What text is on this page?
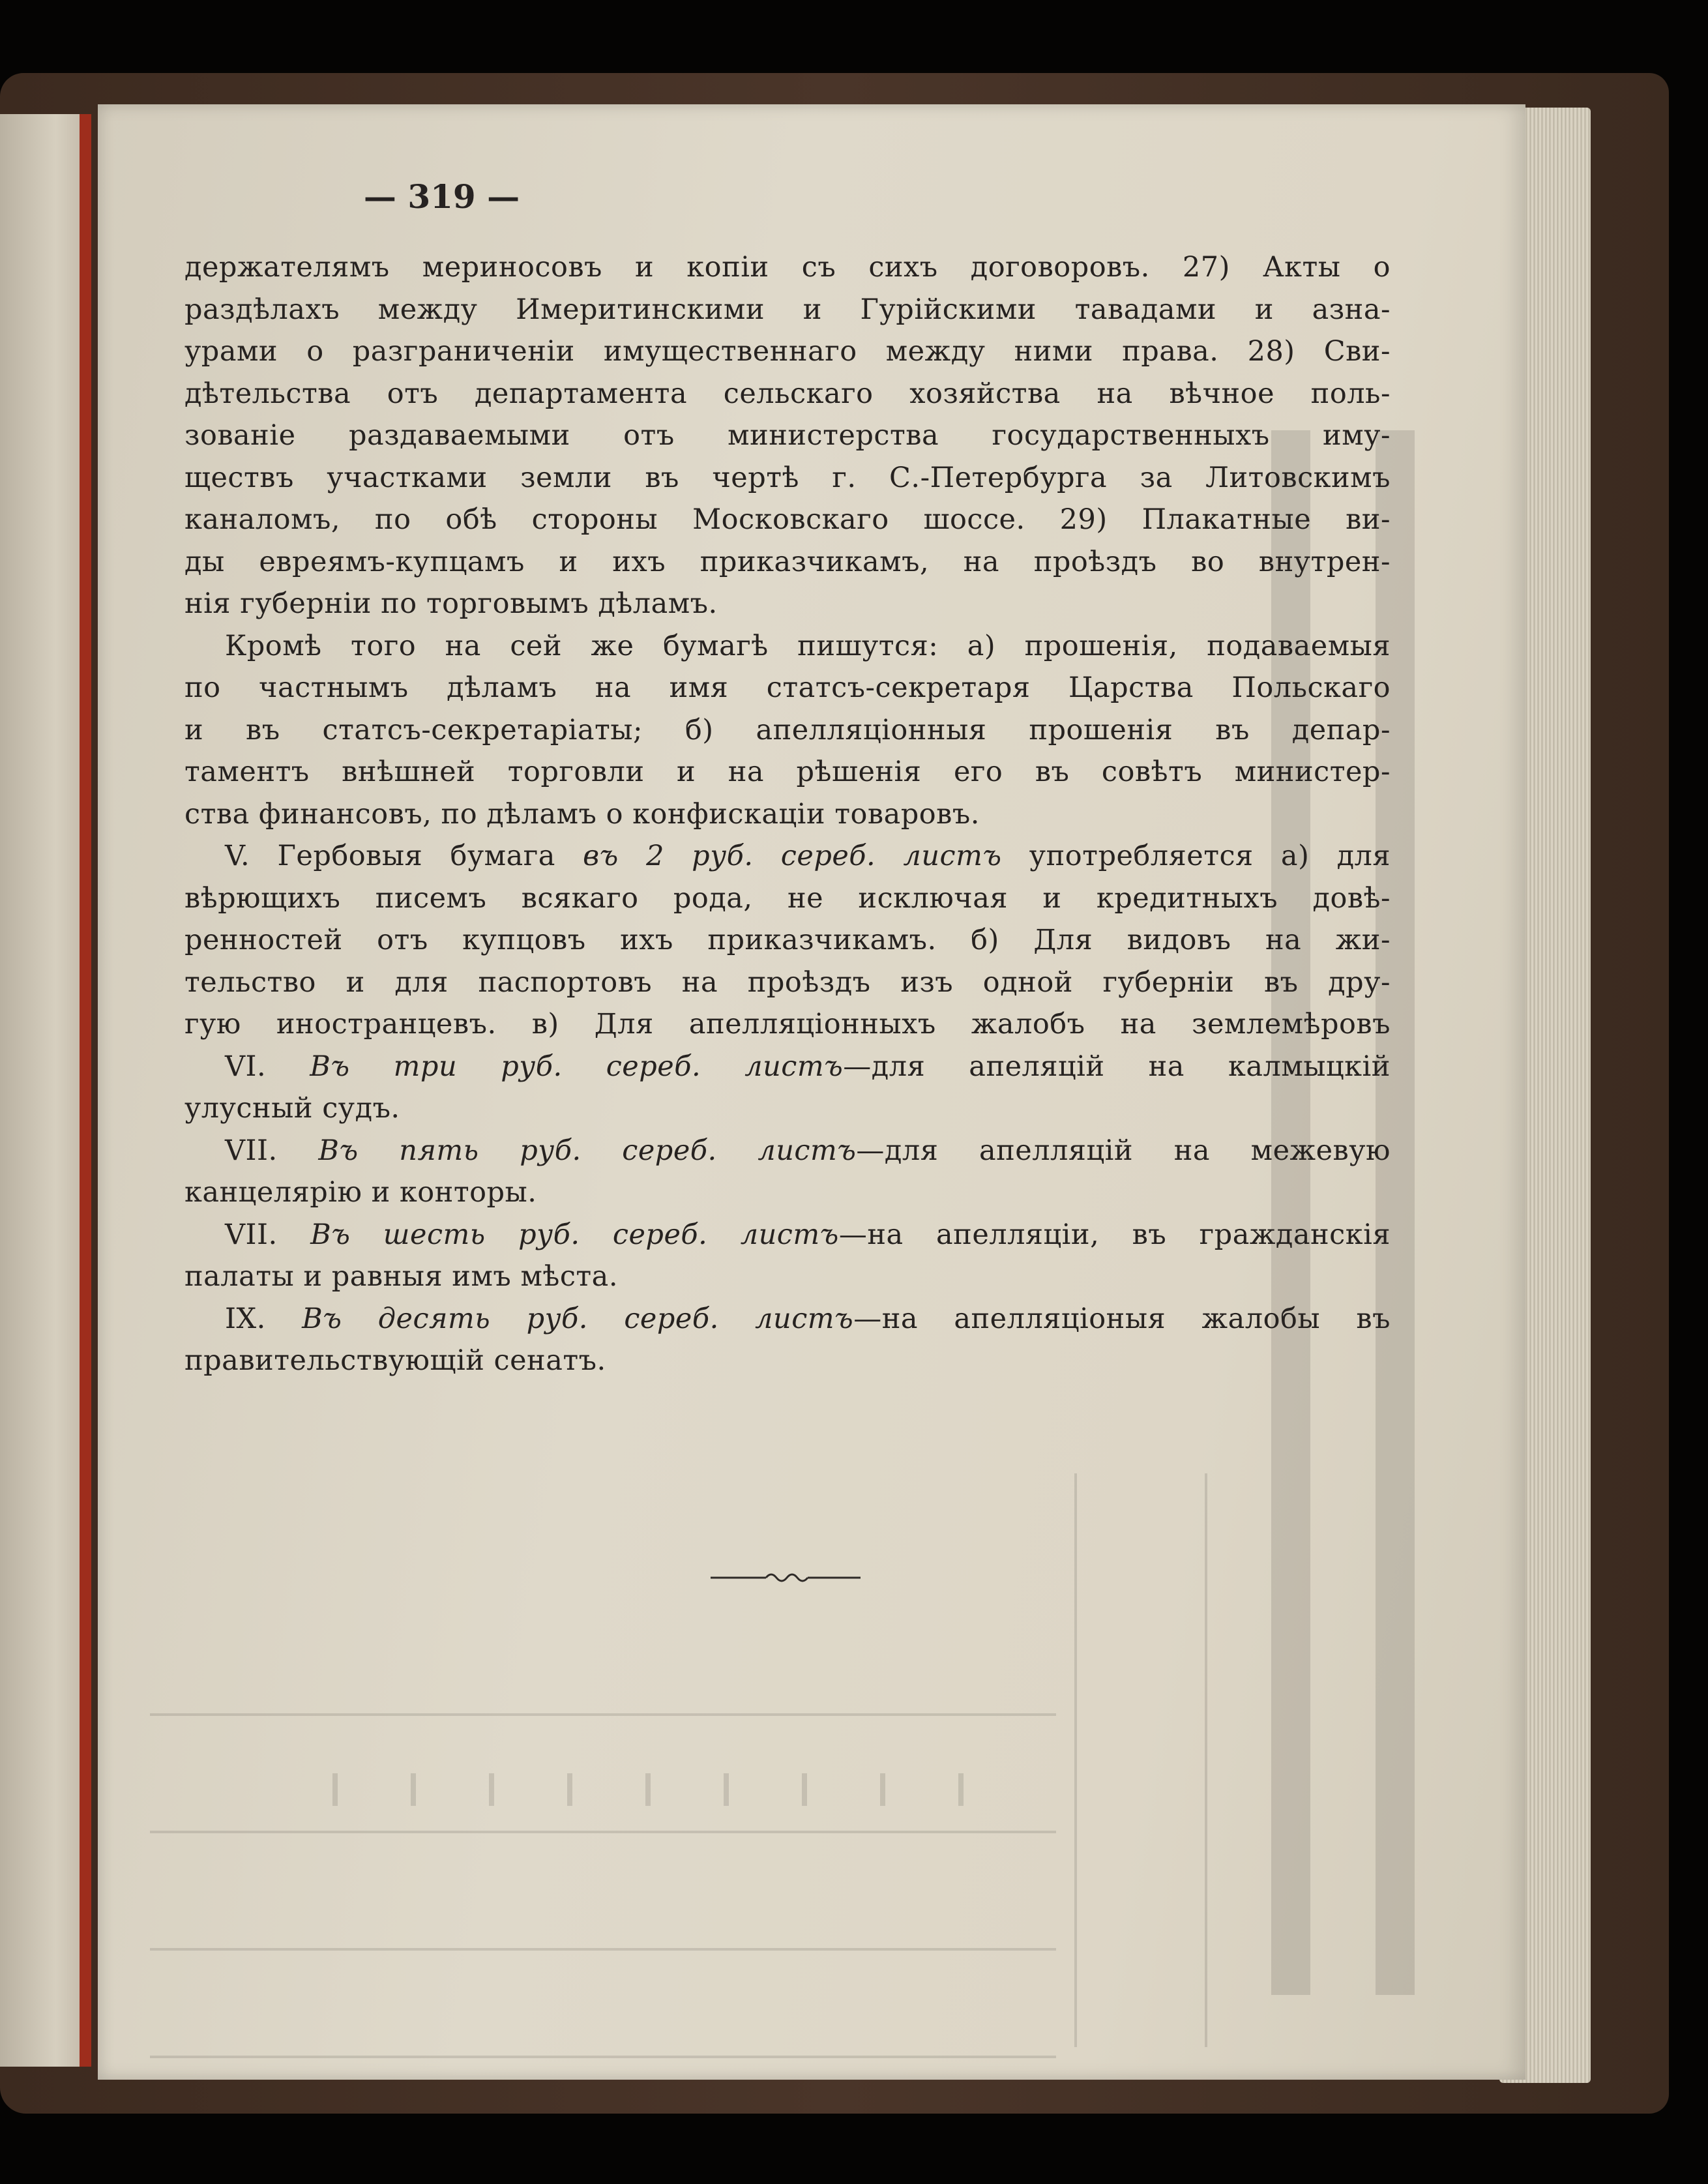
— 319 —
держателямъ мериносовъ и копіи съ сихъ договоровъ. 27) Акты о
раздѣлахъ между Имеритинскими и Гурійскими тавадами и азна-
урами о разграниченіи имущественнаго между ними права. 28) Сви-
дѣтельства отъ департамента сельскаго хозяйства на вѣчное поль-
зованіе раздаваемыми отъ министерства государственныхъ иму-
ществъ участками земли въ чертѣ г. С.-Петербурга за Литовскимъ
каналомъ, по обѣ стороны Московскаго шоссе. 29) Плакатные ви-
ды евреямъ-купцамъ и ихъ приказчикамъ, на проѣздъ во внутрен-
нія губерніи по торговымъ дѣламъ.
Кромѣ того на сей же бумагѣ пишутся: а) прошенія, подаваемыя
по частнымъ дѣламъ на имя статсъ-секретаря Царства Польскаго
и въ статсъ-секретаріаты; б) апелляціонныя прошенія въ депар-
таментъ внѣшней торговли и на рѣшенія его въ совѣтъ министер-
ства финансовъ, по дѣламъ о конфискаціи товаровъ.
V. Гербовыя бумага въ 2 руб. сереб. листъ употребляется а) для
вѣрющихъ писемъ всякаго рода, не исключая и кредитныхъ довѣ-
ренностей отъ купцовъ ихъ приказчикамъ. б) Для видовъ на жи-
тельство и для паспортовъ на проѣздъ изъ одной губерніи въ дру-
гую иностранцевъ. в) Для апелляціонныхъ жалобъ на землемѣровъ
VI. Въ три руб. сереб. листъ—для апеляцій на калмыцкій
улусный судъ.
VII. Въ пять руб. сереб. листъ—для апелляцій на межевую
канцелярію и конторы.
VII. Въ шесть руб. сереб. листъ—на апелляціи, въ гражданскія
палаты и равныя имъ мѣста.
IX. Въ десять руб. сереб. листъ—на апелляціоныя жалобы въ
правительствующій сенатъ.
